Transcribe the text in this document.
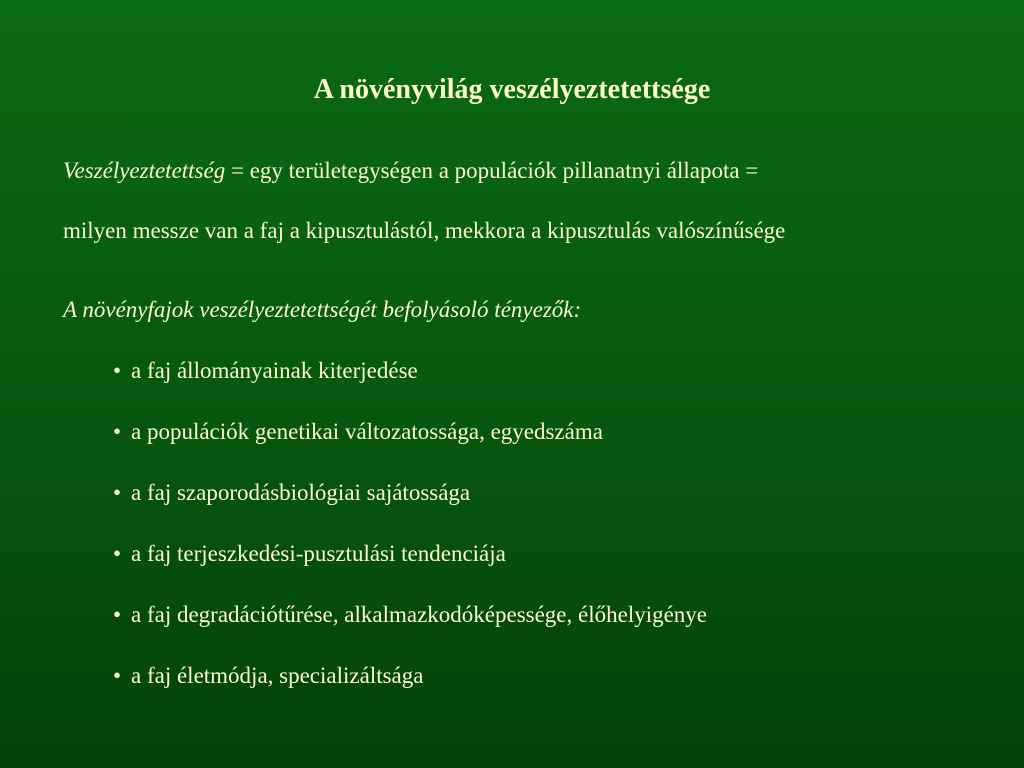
A növényvilág veszélyeztetettsége
Veszélyeztetettség = egy területegységen a populációk pillanatnyi állapota =
milyen messze van a faj a kipusztulástól, mekkora a kipusztulás valószínűsége
A növényfajok veszélyeztetettségét befolyásoló tényezők:
• a faj állományainak kiterjedése
• a populációk genetikai változatossága, egyedszáma
• a faj szaporodásbiológiai sajátossága
• a faj terjeszkedési-pusztulási tendenciája
• a faj degradációtűrése, alkalmazkodóképessége, élőhelyigénye
• a faj életmódja, specializáltsága
